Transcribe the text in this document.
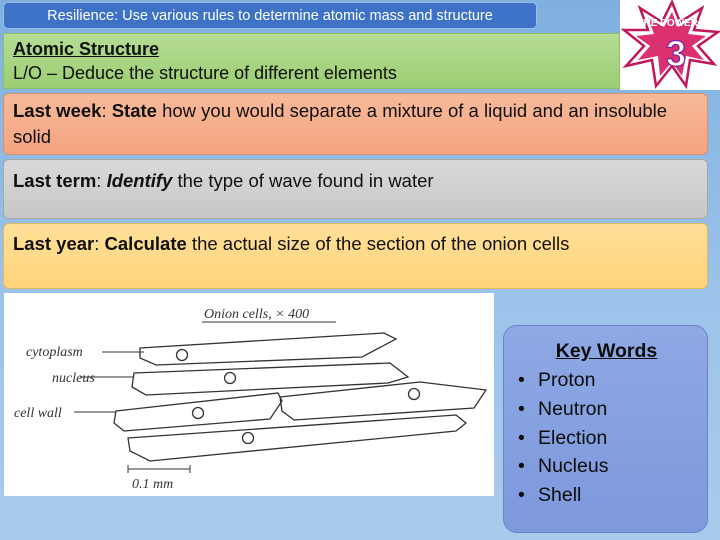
Resilience: Use various rules to determine atomic mass and structure	THE POWER OF
3
Atomic Structure
L/O – Deduce the structure of different elements
Last week: State how you would separate a mixture of a liquid and an insoluble solid
Last term: Identify the type of wave found in water
Last year: Calculate the actual size of the section of the onion cells
Onion cells, × 400
cytoplasm
nucleus
cell wall
0.1 mm
Key Words
• Proton
• Neutron
• Election
• Nucleus
• Shell
